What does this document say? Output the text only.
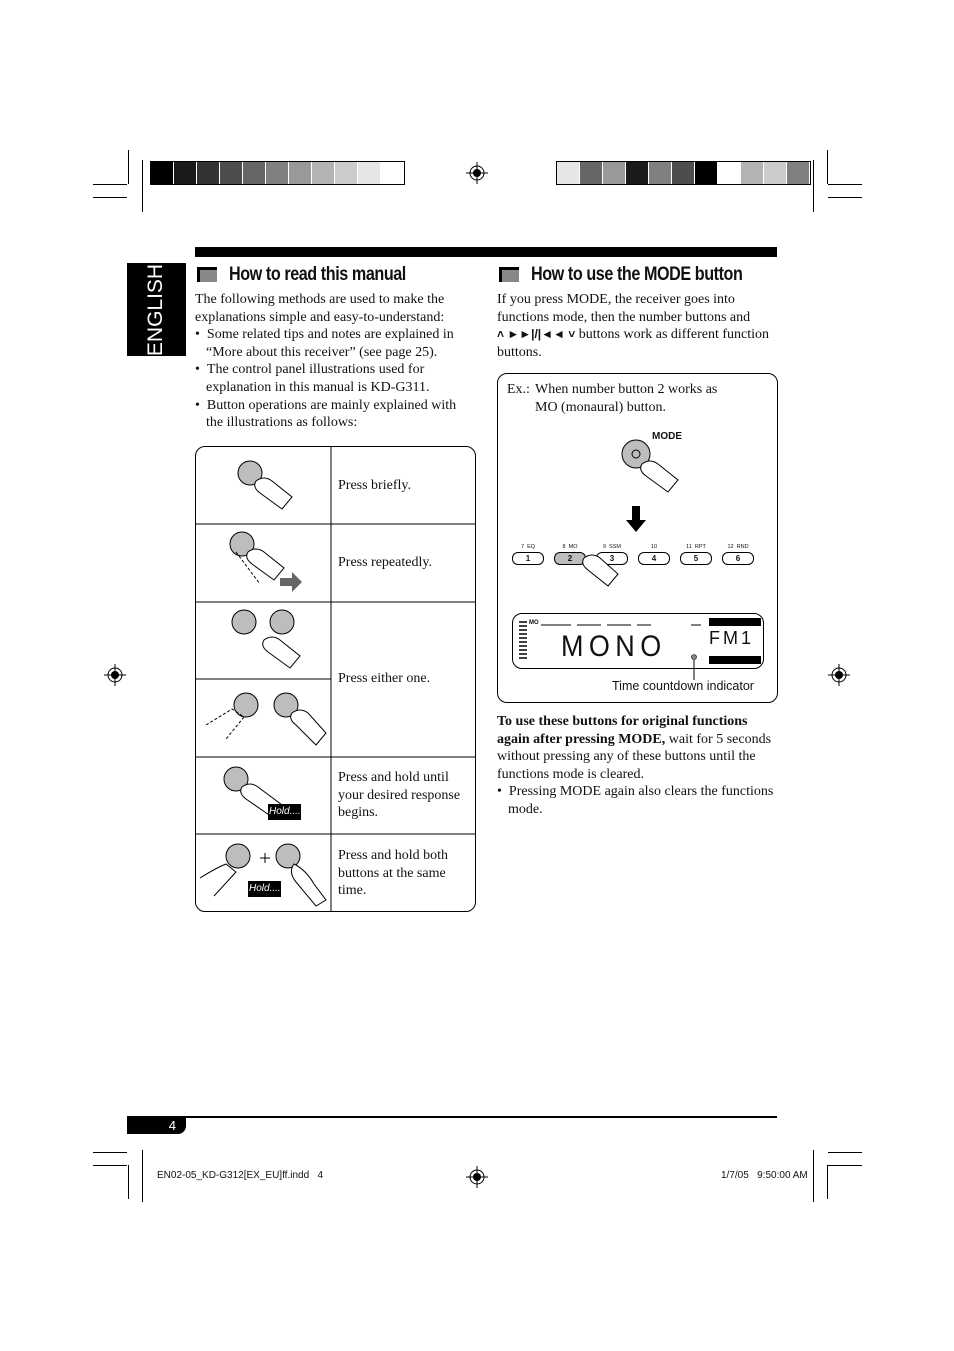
ENGLISH	How to read this manual
The following methods are used to make the explanations simple and easy-to-understand:
•  Some related tips and notes are explained in “More about this receiver” (see page 25).
•  The control panel illustrations used for explanation in this manual is KD-G311.
•  Button operations are mainly explained with the illustrations as follows:
Hold....
Hold....
Press briefly.
Press repeatedly.
Press either one.
Press and hold until your desired response begins.
Press and hold both buttons at the same time.
How to use the MODE button
If you press MODE, the receiver goes into functions mode, then the number buttons and
˄ ►►|/|◄◄ ˅ buttons work as different function buttons.
Ex.: When number button 2 works as MO (monaural) button.
MODE
7  EQ
1
8  MO
2
9  SSM
3
10
4
11  RPT
5
12  RND
6
MO
MONO FM1
Time countdown indicator
To use these buttons for original functions again after pressing MODE, wait for 5 seconds without pressing any of these buttons until the functions mode is cleared.
•  Pressing MODE again also clears the functions mode.
4
EN02-05_KD-G312[EX_EU]ff.indd   4	1/7/05   9:50:00 AM
